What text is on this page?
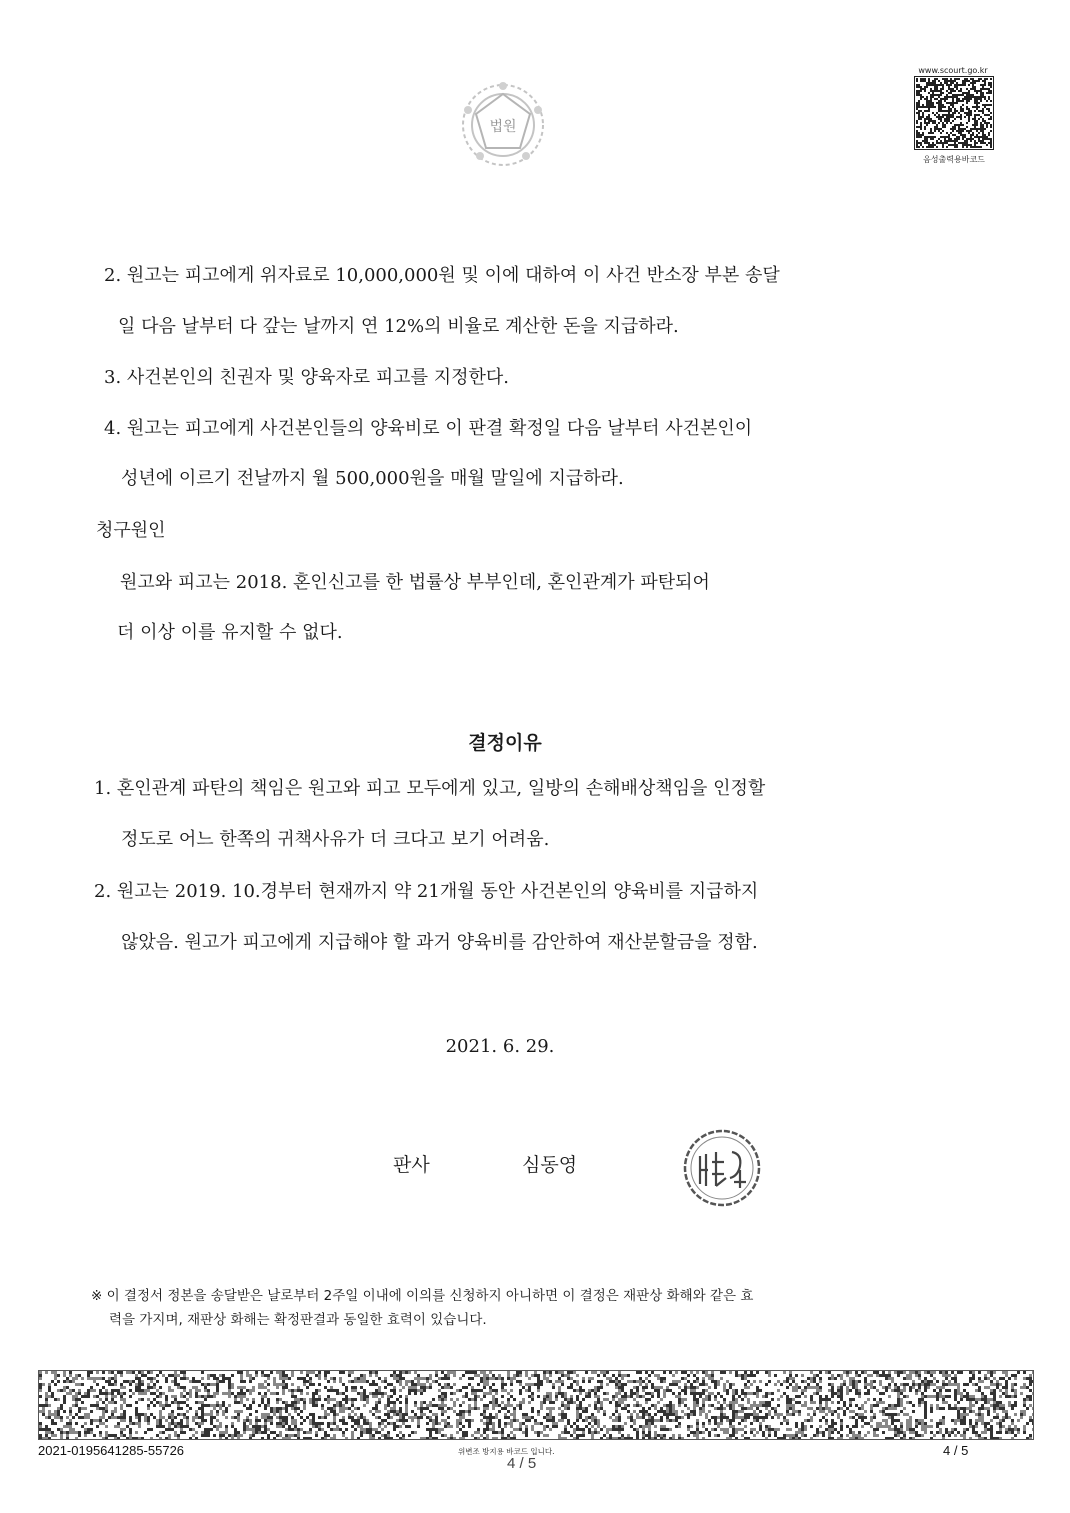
법원
www.scourt.go.kr
음성출력용바코드
2. 원고는 피고에게 위자료로 10,000,000원 및 이에 대하여 이 사건 반소장 부본 송달
일 다음 날부터 다 갚는 날까지 연 12%의 비율로 계산한 돈을 지급하라.
3. 사건본인의 친권자 및 양육자로 피고를 지정한다.
4. 원고는 피고에게 사건본인들의 양육비로 이 판결 확정일 다음 날부터 사건본인이
성년에 이르기 전날까지 월 500,000원을 매월 말일에 지급하라.
청구원인
원고와 피고는 2018. 혼인신고를 한 법률상 부부인데, 혼인관계가 파탄되어
더 이상 이를 유지할 수 없다.
결정이유
1. 혼인관계 파탄의 책임은 원고와 피고 모두에게 있고, 일방의 손해배상책임을 인정할
정도로 어느 한쪽의 귀책사유가 더 크다고 보기 어려움.
2. 원고는 2019. 10.경부터 현재까지 약 21개월 동안 사건본인의 양육비를 지급하지
않았음. 원고가 피고에게 지급해야 할 과거 양육비를 감안하여 재산분할금을 정함.
2021. 6. 29.
판사	심동영
※ 이 결정서 정본을 송달받은 날로부터 2주일 이내에 이의를 신청하지 아니하면 이 결정은 재판상 화해와 같은 효
력을 가지며, 재판상 화해는 확정판결과 동일한 효력이 있습니다.
2021-0195641285-55726	위변조 방지용 바코드 입니다.
4 / 5
4 / 5
